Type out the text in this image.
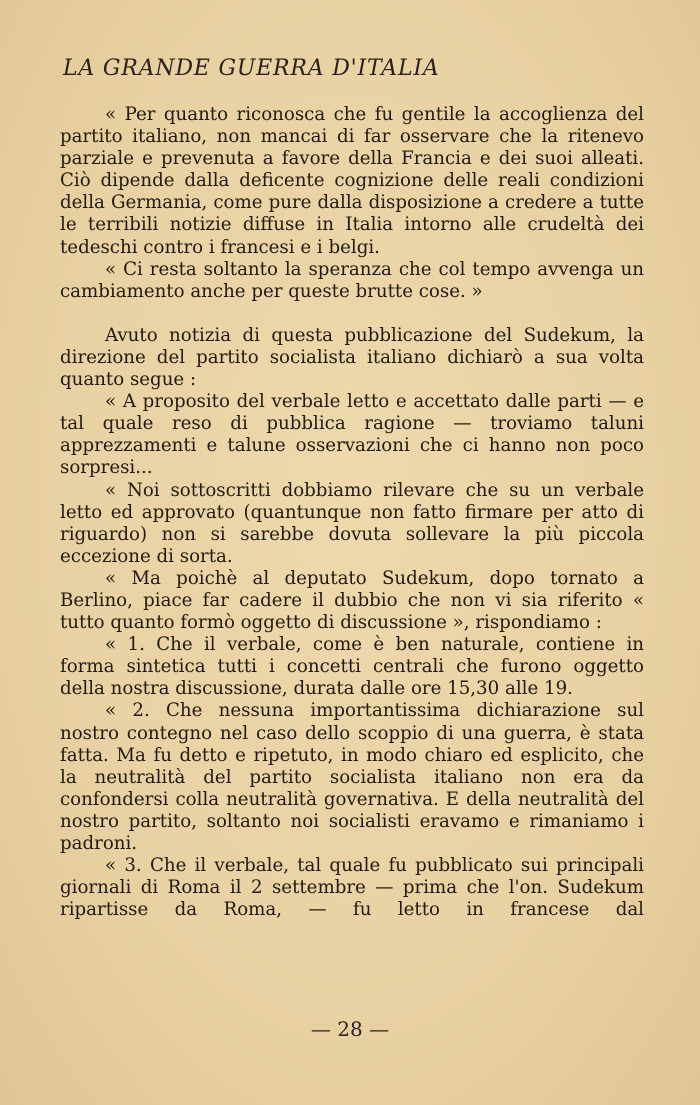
LA GRANDE GUERRA D'ITALIA

« Per quanto riconosca che fu gentile la accoglienza del partito italiano, non mancai di far osservare che la ritenevo parziale e prevenuta a favore della Francia e dei suoi alleati. Ciò dipende dalla deficente cognizione delle reali condizioni della Germania, come pure dalla disposizione a credere a tutte le terribili notizie diffuse in Italia intorno alle crudeltà dei tedeschi contro i francesi e i belgi.

« Ci resta soltanto la speranza che col tempo avvenga un cambiamento anche per queste brutte cose. »

Avuto notizia di questa pubblicazione del Sudekum, la direzione del partito socialista italiano dichiarò a sua volta quanto segue :

« A proposito del verbale letto e accettato dalle parti — e tal quale reso di pubblica ragione — troviamo taluni apprezzamenti e talune osservazioni che ci hanno non poco sorpresi...

« Noi sottoscritti dobbiamo rilevare che su un verbale letto ed approvato (quantunque non fatto firmare per atto di riguardo) non si sarebbe dovuta sollevare la più piccola eccezione di sorta.

« Ma poichè al deputato Sudekum, dopo tornato a Berlino, piace far cadere il dubbio che non vi sia riferito « tutto quanto formò oggetto di discussione », rispondiamo :

« 1. Che il verbale, come è ben naturale, contiene in forma sintetica tutti i concetti centrali che furono oggetto della nostra discussione, durata dalle ore 15,30 alle 19.

« 2. Che nessuna importantissima dichiarazione sul nostro contegno nel caso dello scoppio di una guerra, è stata fatta. Ma fu detto e ripetuto, in modo chiaro ed esplicito, che la neutralità del partito socialista italiano non era da confondersi colla neutralità governativa. E della neutralità del nostro partito, soltanto noi socialisti eravamo e rimaniamo i padroni.

« 3. Che il verbale, tal quale fu pubblicato sui principali giornali di Roma il 2 settembre — prima che l'on. Sudekum ripartisse da Roma, — fu letto in francese dal

— 28 —
